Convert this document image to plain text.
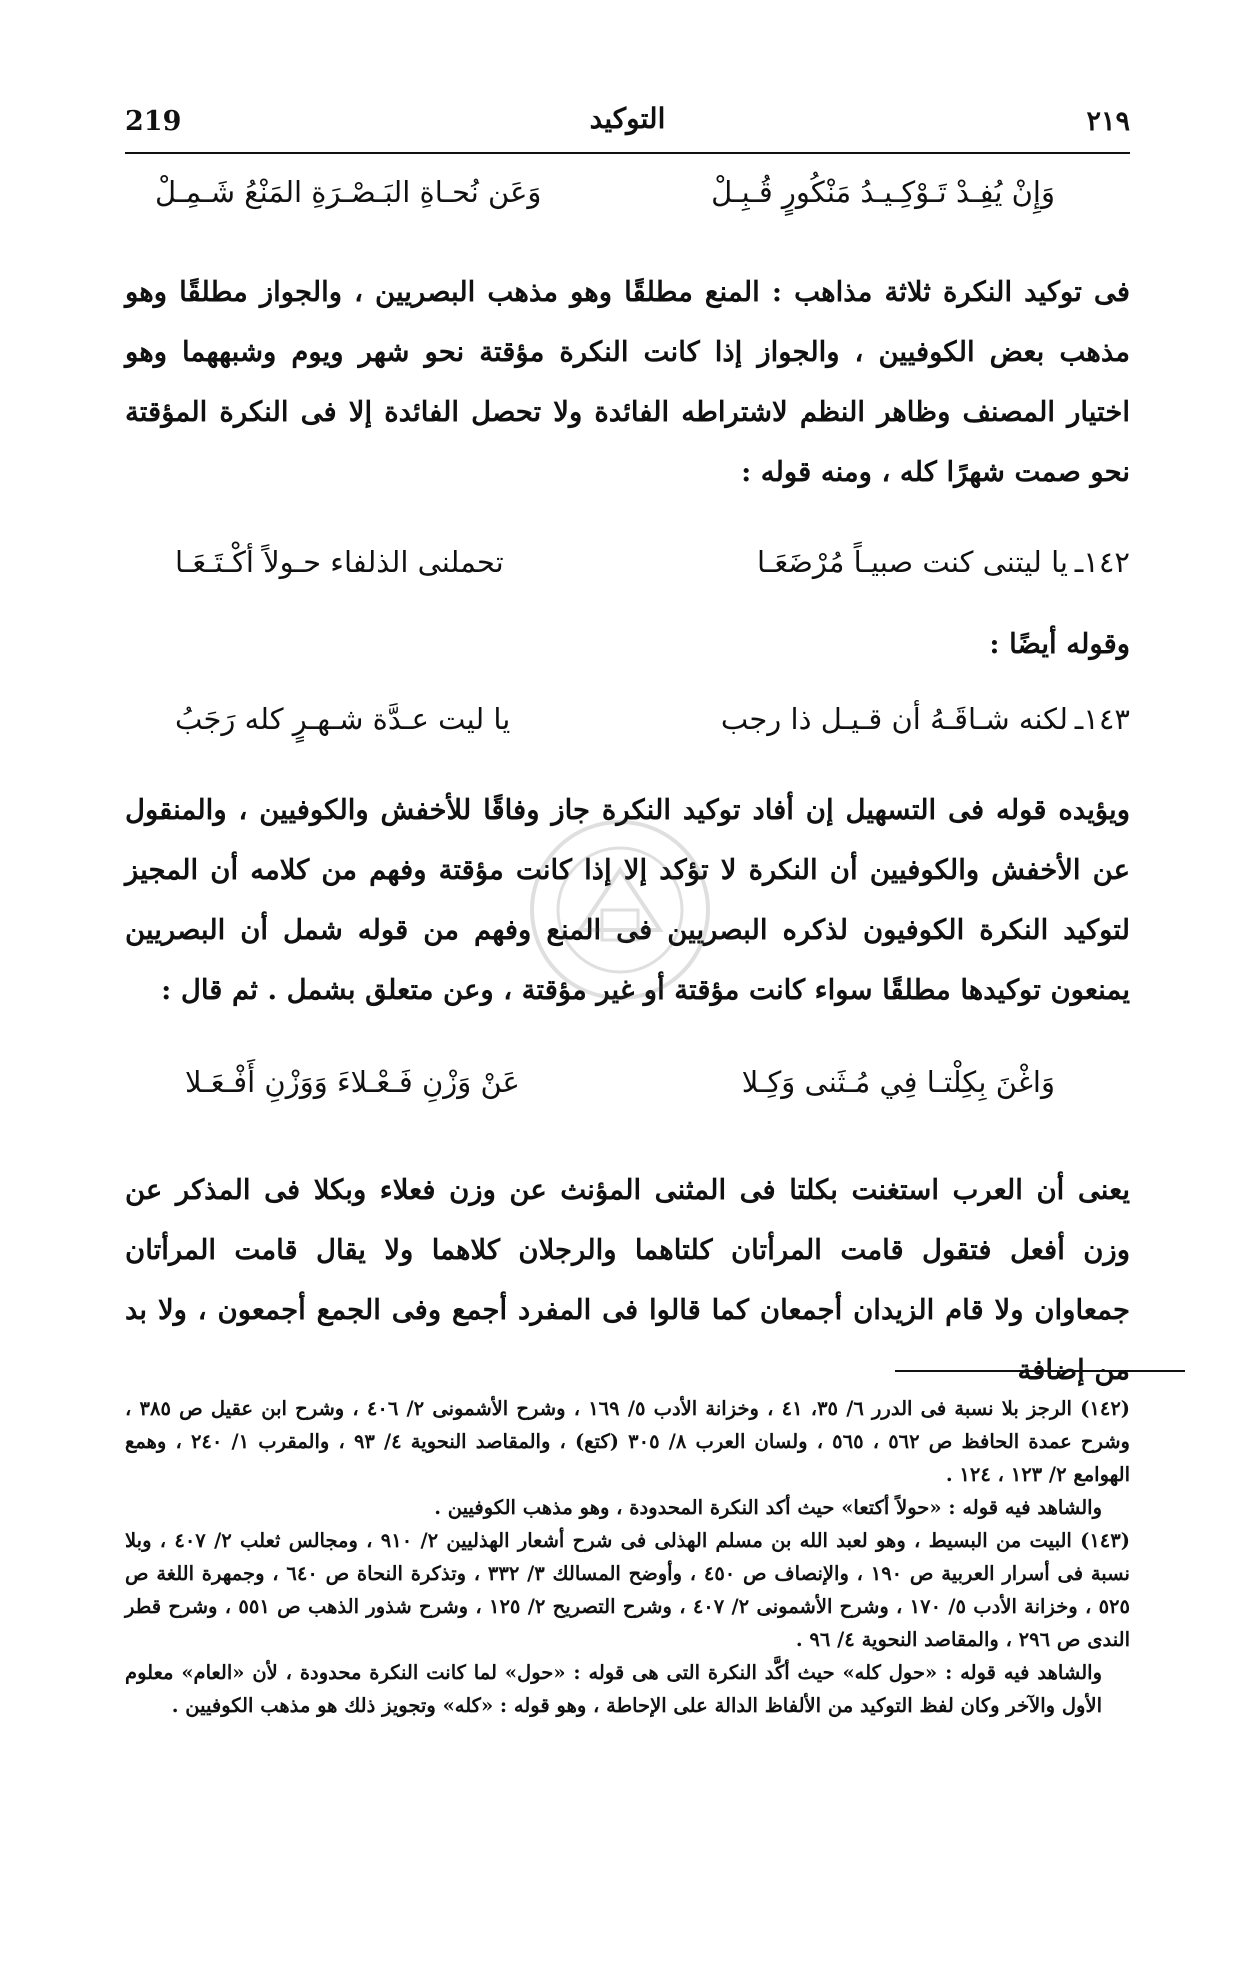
219	التوكيد	٢١٩
وَإِنْ يُفِـدْ تَـوْكِـيـدُ مَنْكُورٍ قُـبِـلْ
وَعَن نُحـاةِ البَـصْـرَةِ المَنْعُ شَـمِـلْ
فى توكيد النكرة ثلاثة مذاهب : المنع مطلقًا وهو مذهب البصريين ، والجواز مطلقًا وهو مذهب بعض الكوفيين ، والجواز إذا كانت النكرة مؤقتة نحو شهر ويوم وشبههما وهو اختيار المصنف وظاهر النظم لاشتراطه الفائدة ولا تحصل الفائدة إلا فى النكرة المؤقتة نحو صمت شهرًا كله ، ومنه قوله :
١٤٢ـ
يا ليتنى كنت صبيـاً مُرْضَعَـا
تحملنى الذلفاء حـولاً أكْـتَـعَـا
وقوله أيضًا :
١٤٣ـ
لكنه شـاقَـهُ أن قـيـل ذا رجب
يا ليت عـدَّة شـهـرٍ كله رَجَبُ
ويؤيده قوله فى التسهيل إن أفاد توكيد النكرة جاز وفاقًا للأخفش والكوفيين ، والمنقول عن الأخفش والكوفيين أن النكرة لا تؤكد إلا إذا كانت مؤقتة وفهم من كلامه أن المجيز لتوكيد النكرة الكوفيون لذكره البصريين فى المنع وفهم من قوله شمل أن البصريين يمنعون توكيدها مطلقًا سواء كانت مؤقتة أو غير مؤقتة ، وعن متعلق بشمل . ثم قال :
وَاغْنَ بِكِلْتـا فِي مُـثَنى وَكِـلا
عَنْ وَزْنِ فَـعْـلاءَ وَوَزْنِ أَفْـعَـلا
يعنى أن العرب استغنت بكلتا فى المثنى المؤنث عن وزن فعلاء وبكلا فى المذكر عن وزن أفعل فتقول قامت المرأتان كلتاهما والرجلان كلاهما ولا يقال قامت المرأتان جمعاوان ولا قام الزيدان أجمعان كما قالوا فى المفرد أجمع وفى الجمع أجمعون ، ولا بد من إضافة

(١٤٢) الرجز بلا نسبة فى الدرر ٦/ ٣٥، ٤١ ، وخزانة الأدب ٥/ ١٦٩ ، وشرح الأشمونى ٢/ ٤٠٦ ، وشرح ابن عقيل ص ٣٨٥ ، وشرح عمدة الحافظ ص ٥٦٢ ، ٥٦٥ ، ولسان العرب ٨/ ٣٠٥ (كتع) ، والمقاصد النحوية ٤/ ٩٣ ، والمقرب ١/ ٢٤٠ ، وهمع الهوامع ٢/ ١٢٣ ، ١٢٤ .

والشاهد فيه قوله : «حولاً أكتعا» حيث أكد النكرة المحدودة ، وهو مذهب الكوفيين .

(١٤٣) البيت من البسيط ، وهو لعبد الله بن مسلم الهذلى فى شرح أشعار الهذليين ٢/ ٩١٠ ، ومجالس ثعلب ٢/ ٤٠٧ ، وبلا نسبة فى أسرار العربية ص ١٩٠ ، والإنصاف ص ٤٥٠ ، وأوضح المسالك ٣/ ٣٣٢ ، وتذكرة النحاة ص ٦٤٠ ، وجمهرة اللغة ص ٥٢٥ ، وخزانة الأدب ٥/ ١٧٠ ، وشرح الأشمونى ٢/ ٤٠٧ ، وشرح التصريح ٢/ ١٢٥ ، وشرح شذور الذهب ص ٥٥١ ، وشرح قطر الندى ص ٢٩٦ ، والمقاصد النحوية ٤/ ٩٦ .

والشاهد فيه قوله : «حول كله» حيث أكَّد النكرة التى هى قوله : «حول» لما كانت النكرة محدودة ، لأن «العام» معلوم الأول والآخر وكان لفظ التوكيد من الألفاظ الدالة على الإحاطة ، وهو قوله : «كله» وتجويز ذلك هو مذهب الكوفيين .
